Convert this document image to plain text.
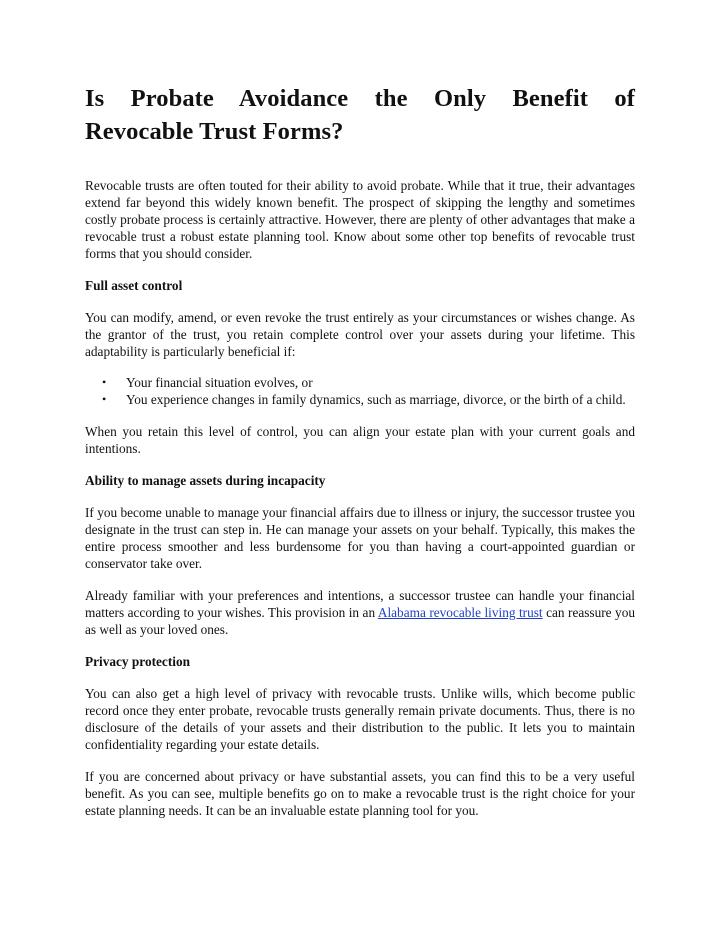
Is Probate Avoidance the Only Benefit of
Revocable Trust Forms?

Revocable trusts are often touted for their ability to avoid probate. While that it true, their advantages extend far beyond this widely known benefit. The prospect of skipping the lengthy and sometimes costly probate process is certainly attractive. However, there are plenty of other advantages that make a revocable trust a robust estate planning tool. Know about some other top benefits of revocable trust forms that you should consider.

Full asset control

You can modify, amend, or even revoke the trust entirely as your circumstances or wishes change. As the grantor of the trust, you retain complete control over your assets during your lifetime. This adaptability is particularly beneficial if:

• Your financial situation evolves, or
• You experience changes in family dynamics, such as marriage, divorce, or the birth of a child.

When you retain this level of control, you can align your estate plan with your current goals and intentions.

Ability to manage assets during incapacity

If you become unable to manage your financial affairs due to illness or injury, the successor trustee you designate in the trust can step in. He can manage your assets on your behalf. Typically, this makes the entire process smoother and less burdensome for you than having a court-appointed guardian or conservator take over.

Already familiar with your preferences and intentions, a successor trustee can handle your financial matters according to your wishes. This provision in an Alabama revocable living trust can reassure you as well as your loved ones.

Privacy protection

You can also get a high level of privacy with revocable trusts. Unlike wills, which become public record once they enter probate, revocable trusts generally remain private documents. Thus, there is no disclosure of the details of your assets and their distribution to the public. It lets you to maintain confidentiality regarding your estate details.

If you are concerned about privacy or have substantial assets, you can find this to be a very useful benefit. As you can see, multiple benefits go on to make a revocable trust is the right choice for your estate planning needs. It can be an invaluable estate planning tool for you.
